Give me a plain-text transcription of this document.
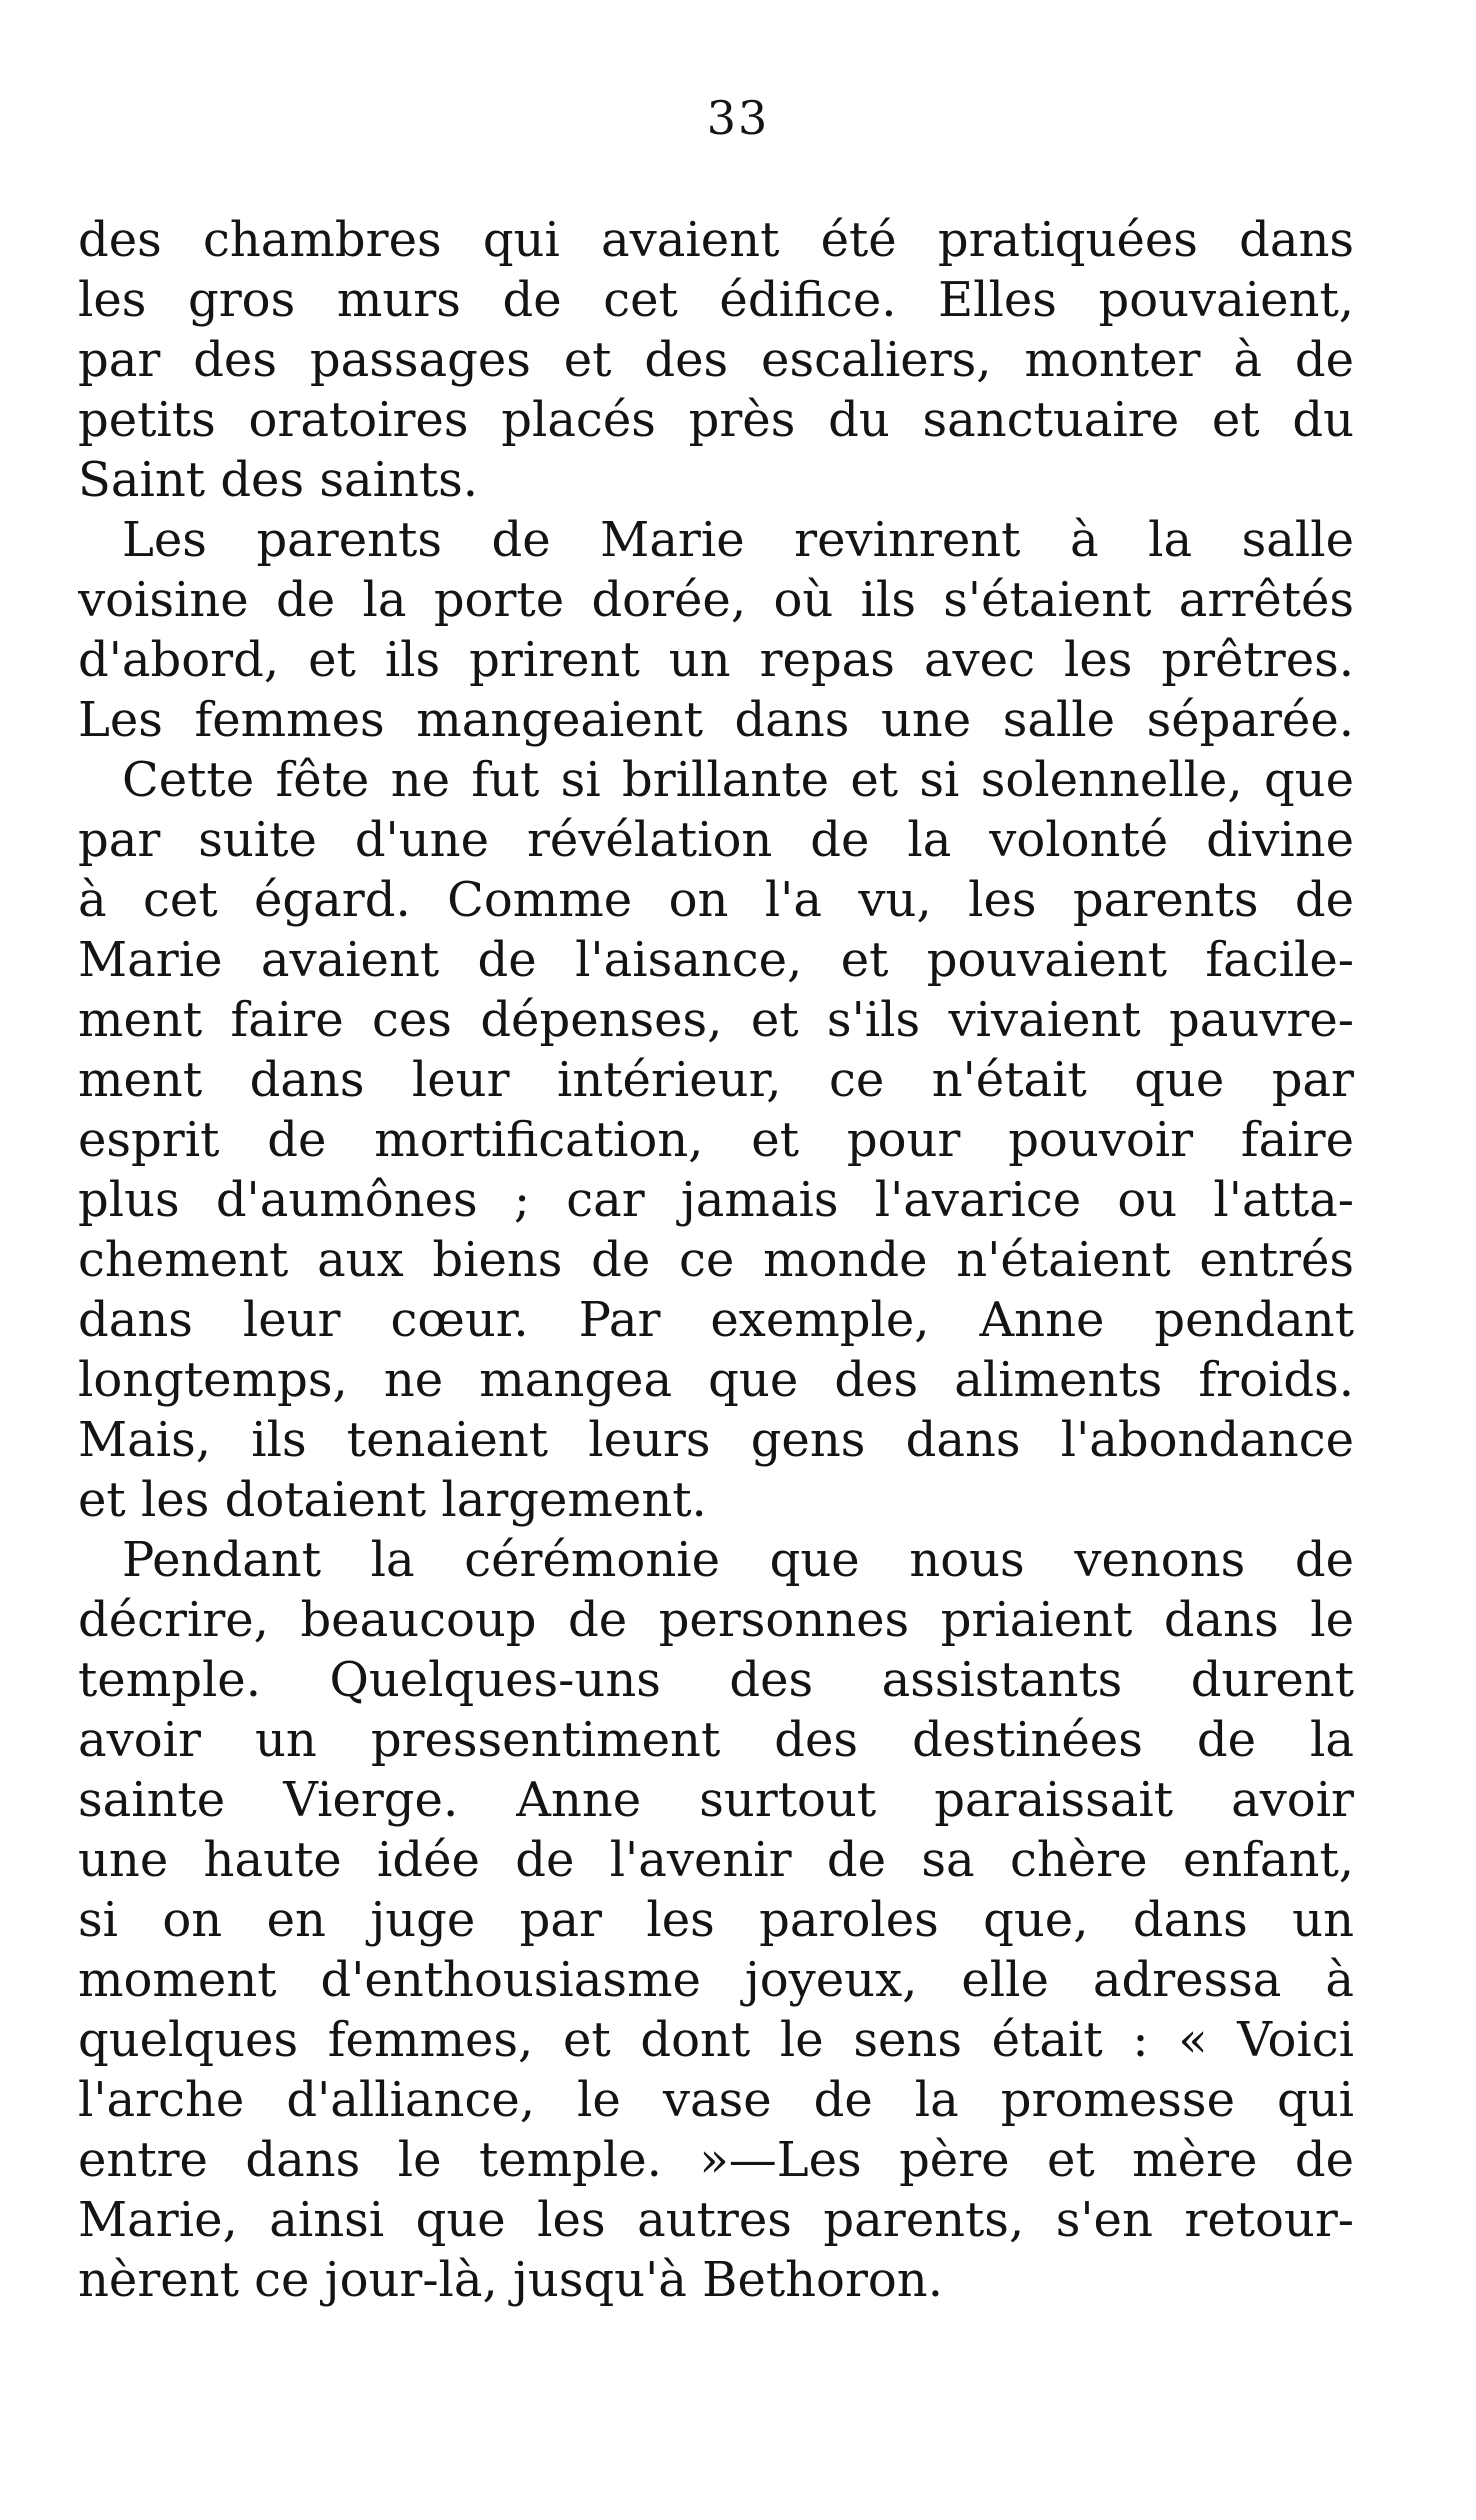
33
des chambres qui avaient été pratiquées dans
les gros murs de cet édifice. Elles pouvaient,
par des passages et des escaliers, monter à de
petits oratoires placés près du sanctuaire et du
Saint des saints.
Les parents de Marie revinrent à la salle
voisine de la porte dorée, où ils s'étaient arrêtés
d'abord, et ils prirent un repas avec les prêtres.
Les femmes mangeaient dans une salle séparée.
Cette fête ne fut si brillante et si solennelle, que
par suite d'une révélation de la volonté divine
à cet égard. Comme on l'a vu, les parents de
Marie avaient de l'aisance, et pouvaient facile-
ment faire ces dépenses, et s'ils vivaient pauvre-
ment dans leur intérieur, ce n'était que par
esprit de mortification, et pour pouvoir faire
plus d'aumônes ; car jamais l'avarice ou l'atta-
chement aux biens de ce monde n'étaient entrés
dans leur cœur. Par exemple, Anne pendant
longtemps, ne mangea que des aliments froids.
Mais, ils tenaient leurs gens dans l'abondance
et les dotaient largement.
Pendant la cérémonie que nous venons de
décrire, beaucoup de personnes priaient dans le
temple. Quelques-uns des assistants durent
avoir un pressentiment des destinées de la
sainte Vierge. Anne surtout paraissait avoir
une haute idée de l'avenir de sa chère enfant,
si on en juge par les paroles que, dans un
moment d'enthousiasme joyeux, elle adressa à
quelques femmes, et dont le sens était : « Voici
l'arche d'alliance, le vase de la promesse qui
entre dans le temple. »—Les père et mère de
Marie, ainsi que les autres parents, s'en retour-
nèrent ce jour-là, jusqu'à Bethoron.
